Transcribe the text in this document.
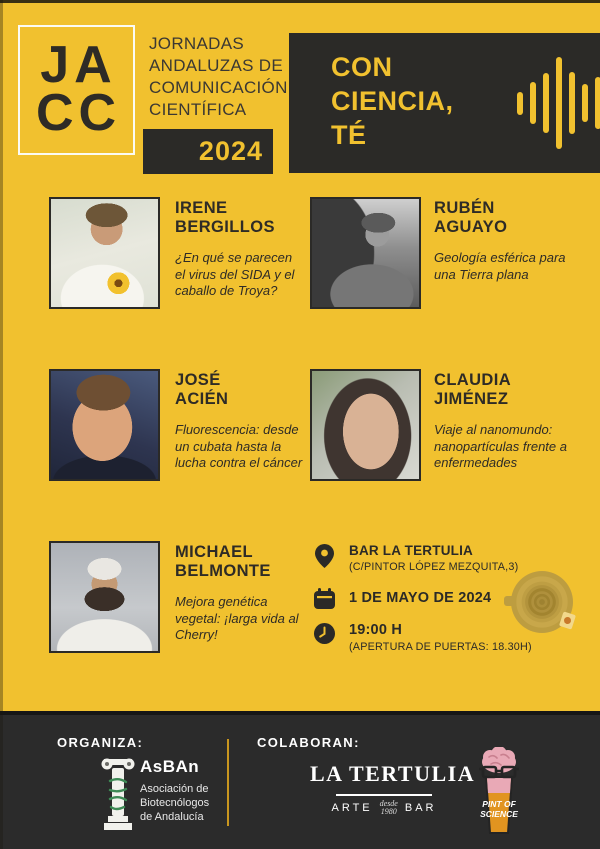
JA
CC
JORNADAS
ANDALUZAS DE
COMUNICACIÓN
CIENTÍFICA
2024
CON
CIENCIA,
TÉ
IRENE
BERGILLOS
¿En qué se parecen el virus del SIDA y el caballo de Troya?
RUBÉN
AGUAYO
Geología esférica para una Tierra plana
JOSÉ
ACIÉN
Fluorescencia: desde un cubata hasta la lucha contra el cáncer
CLAUDIA
JIMÉNEZ
Viaje al nanomundo: nanopartículas frente a enfermedades
MICHAEL
BELMONTE
Mejora genética vegetal: ¡larga vida al Cherry!
BAR LA TERTULIA
(C/PINTOR LÓPEZ MEZQUITA,3)
1 DE MAYO DE 2024
19:00 H
(APERTURA DE PUERTAS: 18.30H)
ORGANIZA:	COLABORAN:
AsBAn
Asociación de
Biotecnólogos
de Andalucía
LA TERTULIA
ARTE desde
1980 BAR	PINT OF
SCIENCE
